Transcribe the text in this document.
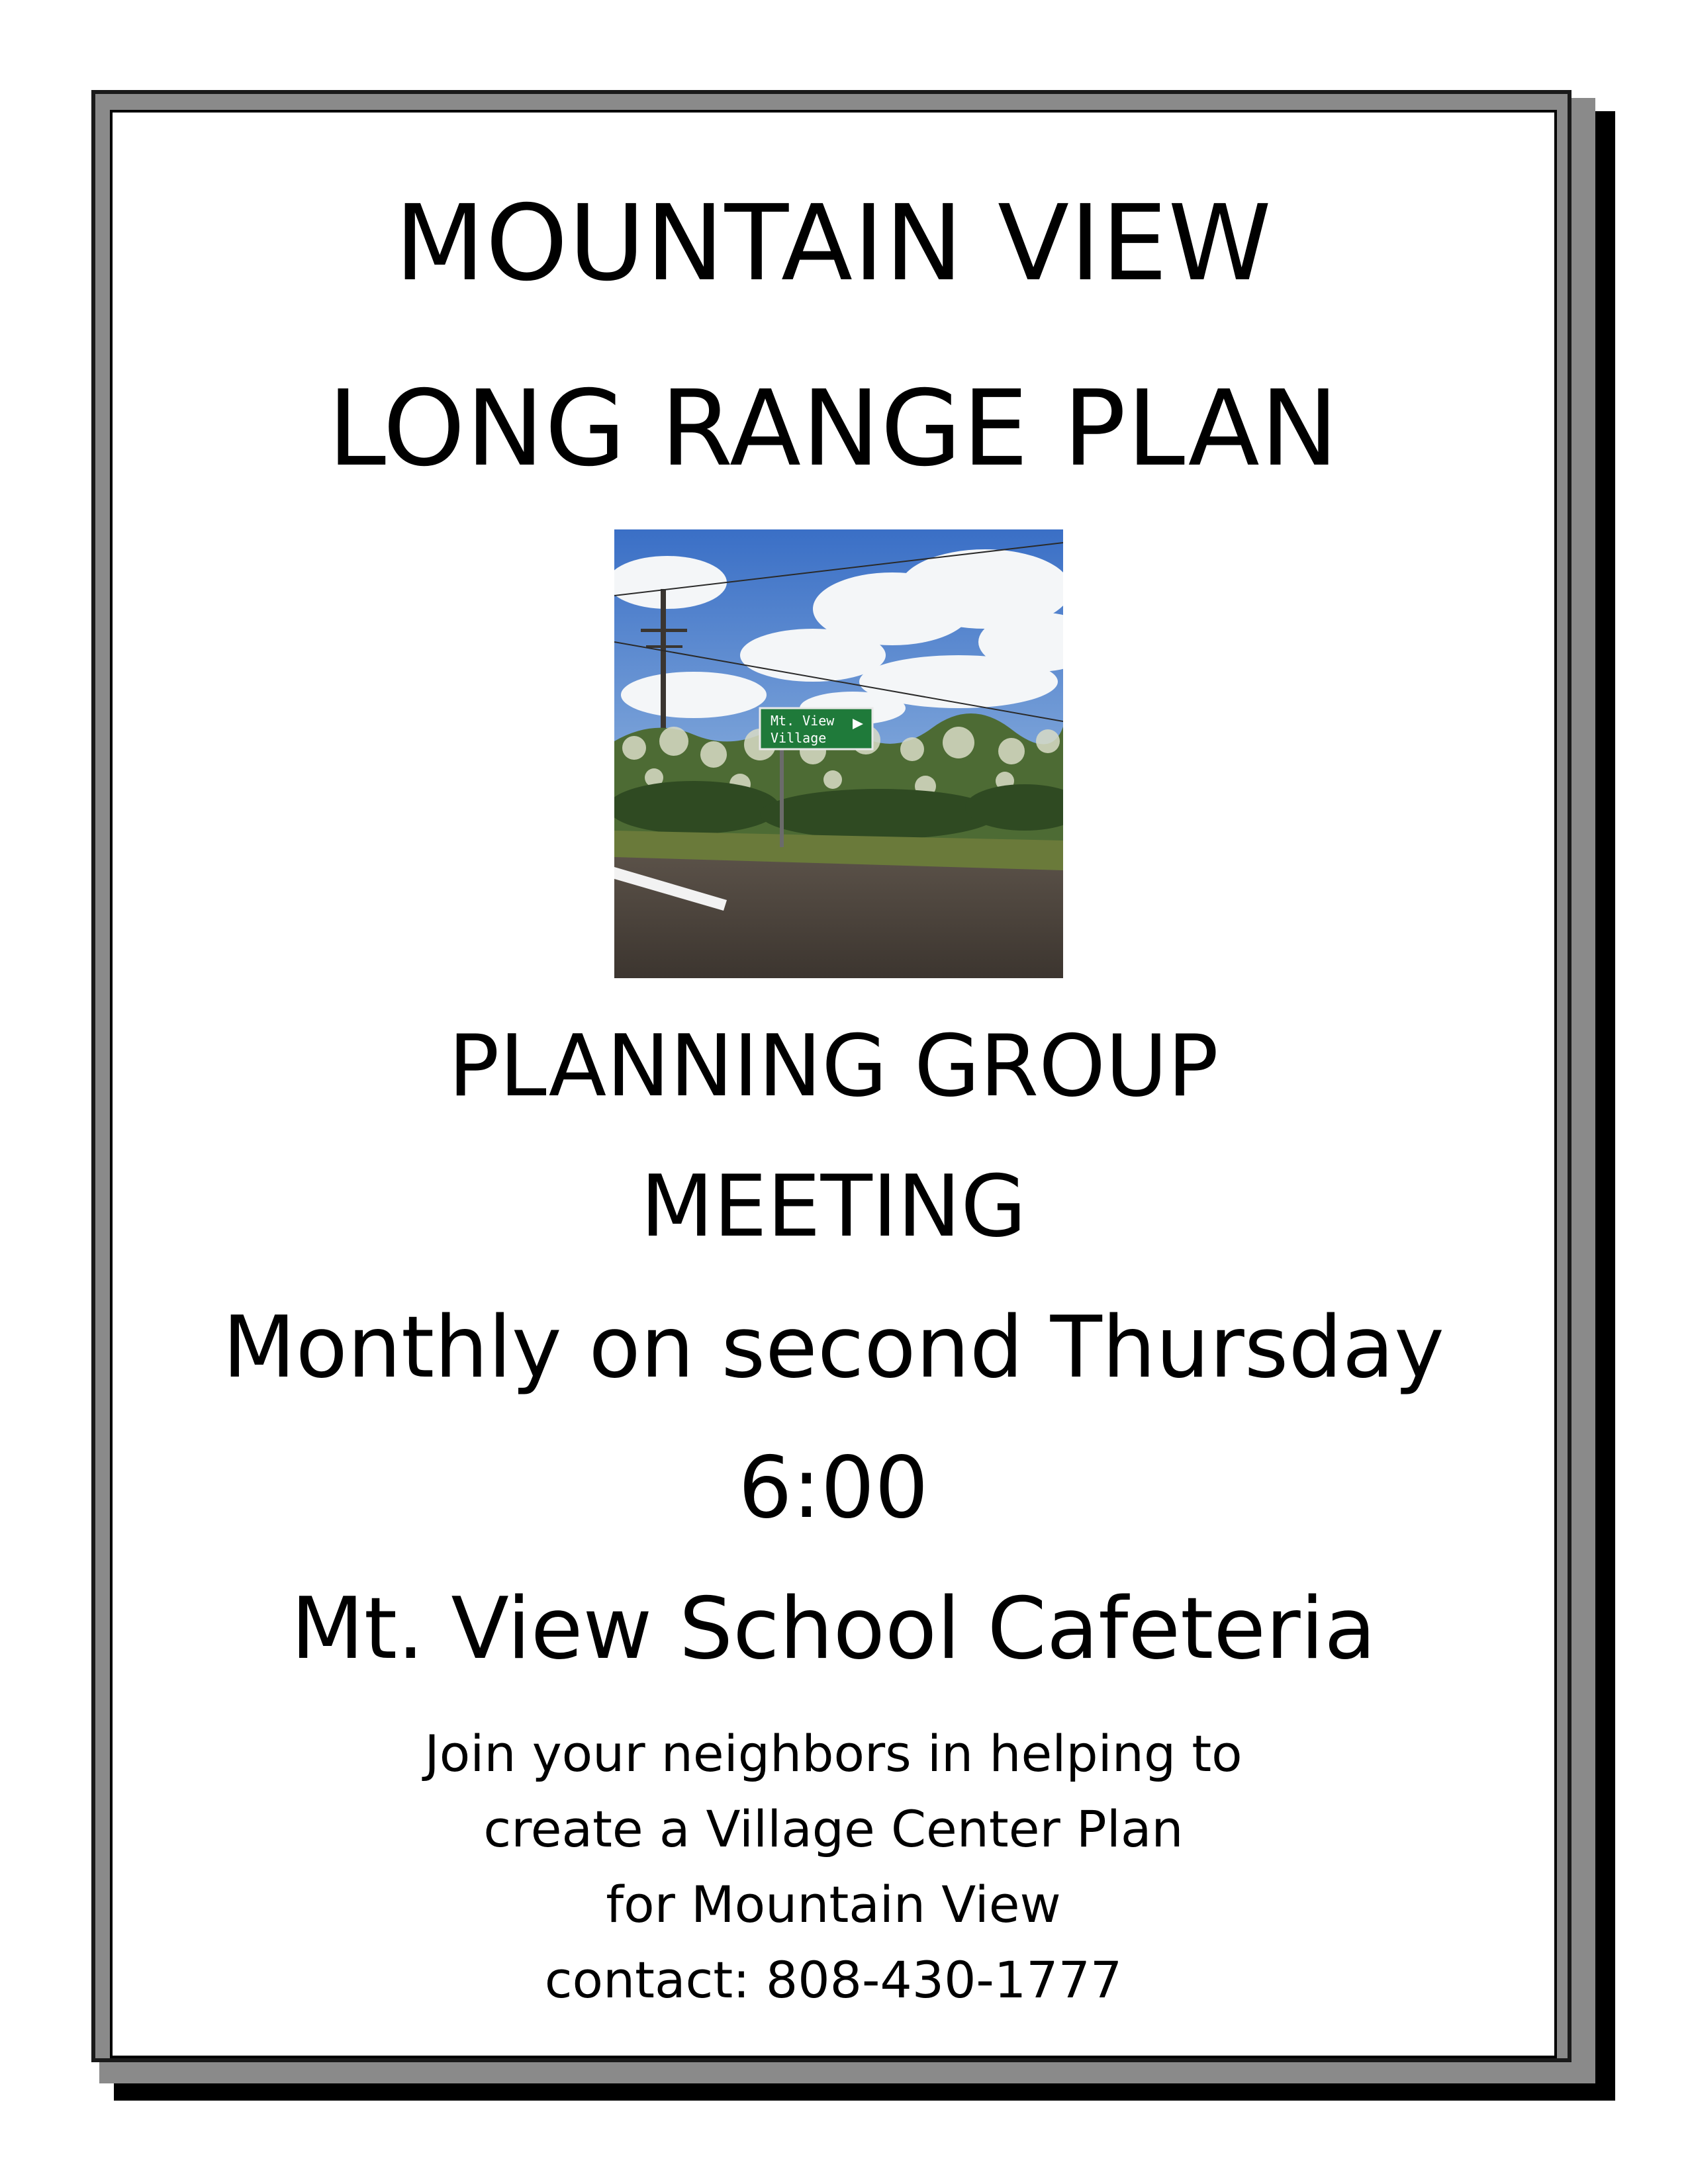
MOUNTAIN VIEW
LONG RANGE PLAN
Mt. View
Village
PLANNING GROUP
MEETING
Monthly on second Thursday
6:00
Mt. View School Cafeteria
Join your neighbors in helping to
create a Village Center Plan
for Mountain View
contact: 808-430-1777
